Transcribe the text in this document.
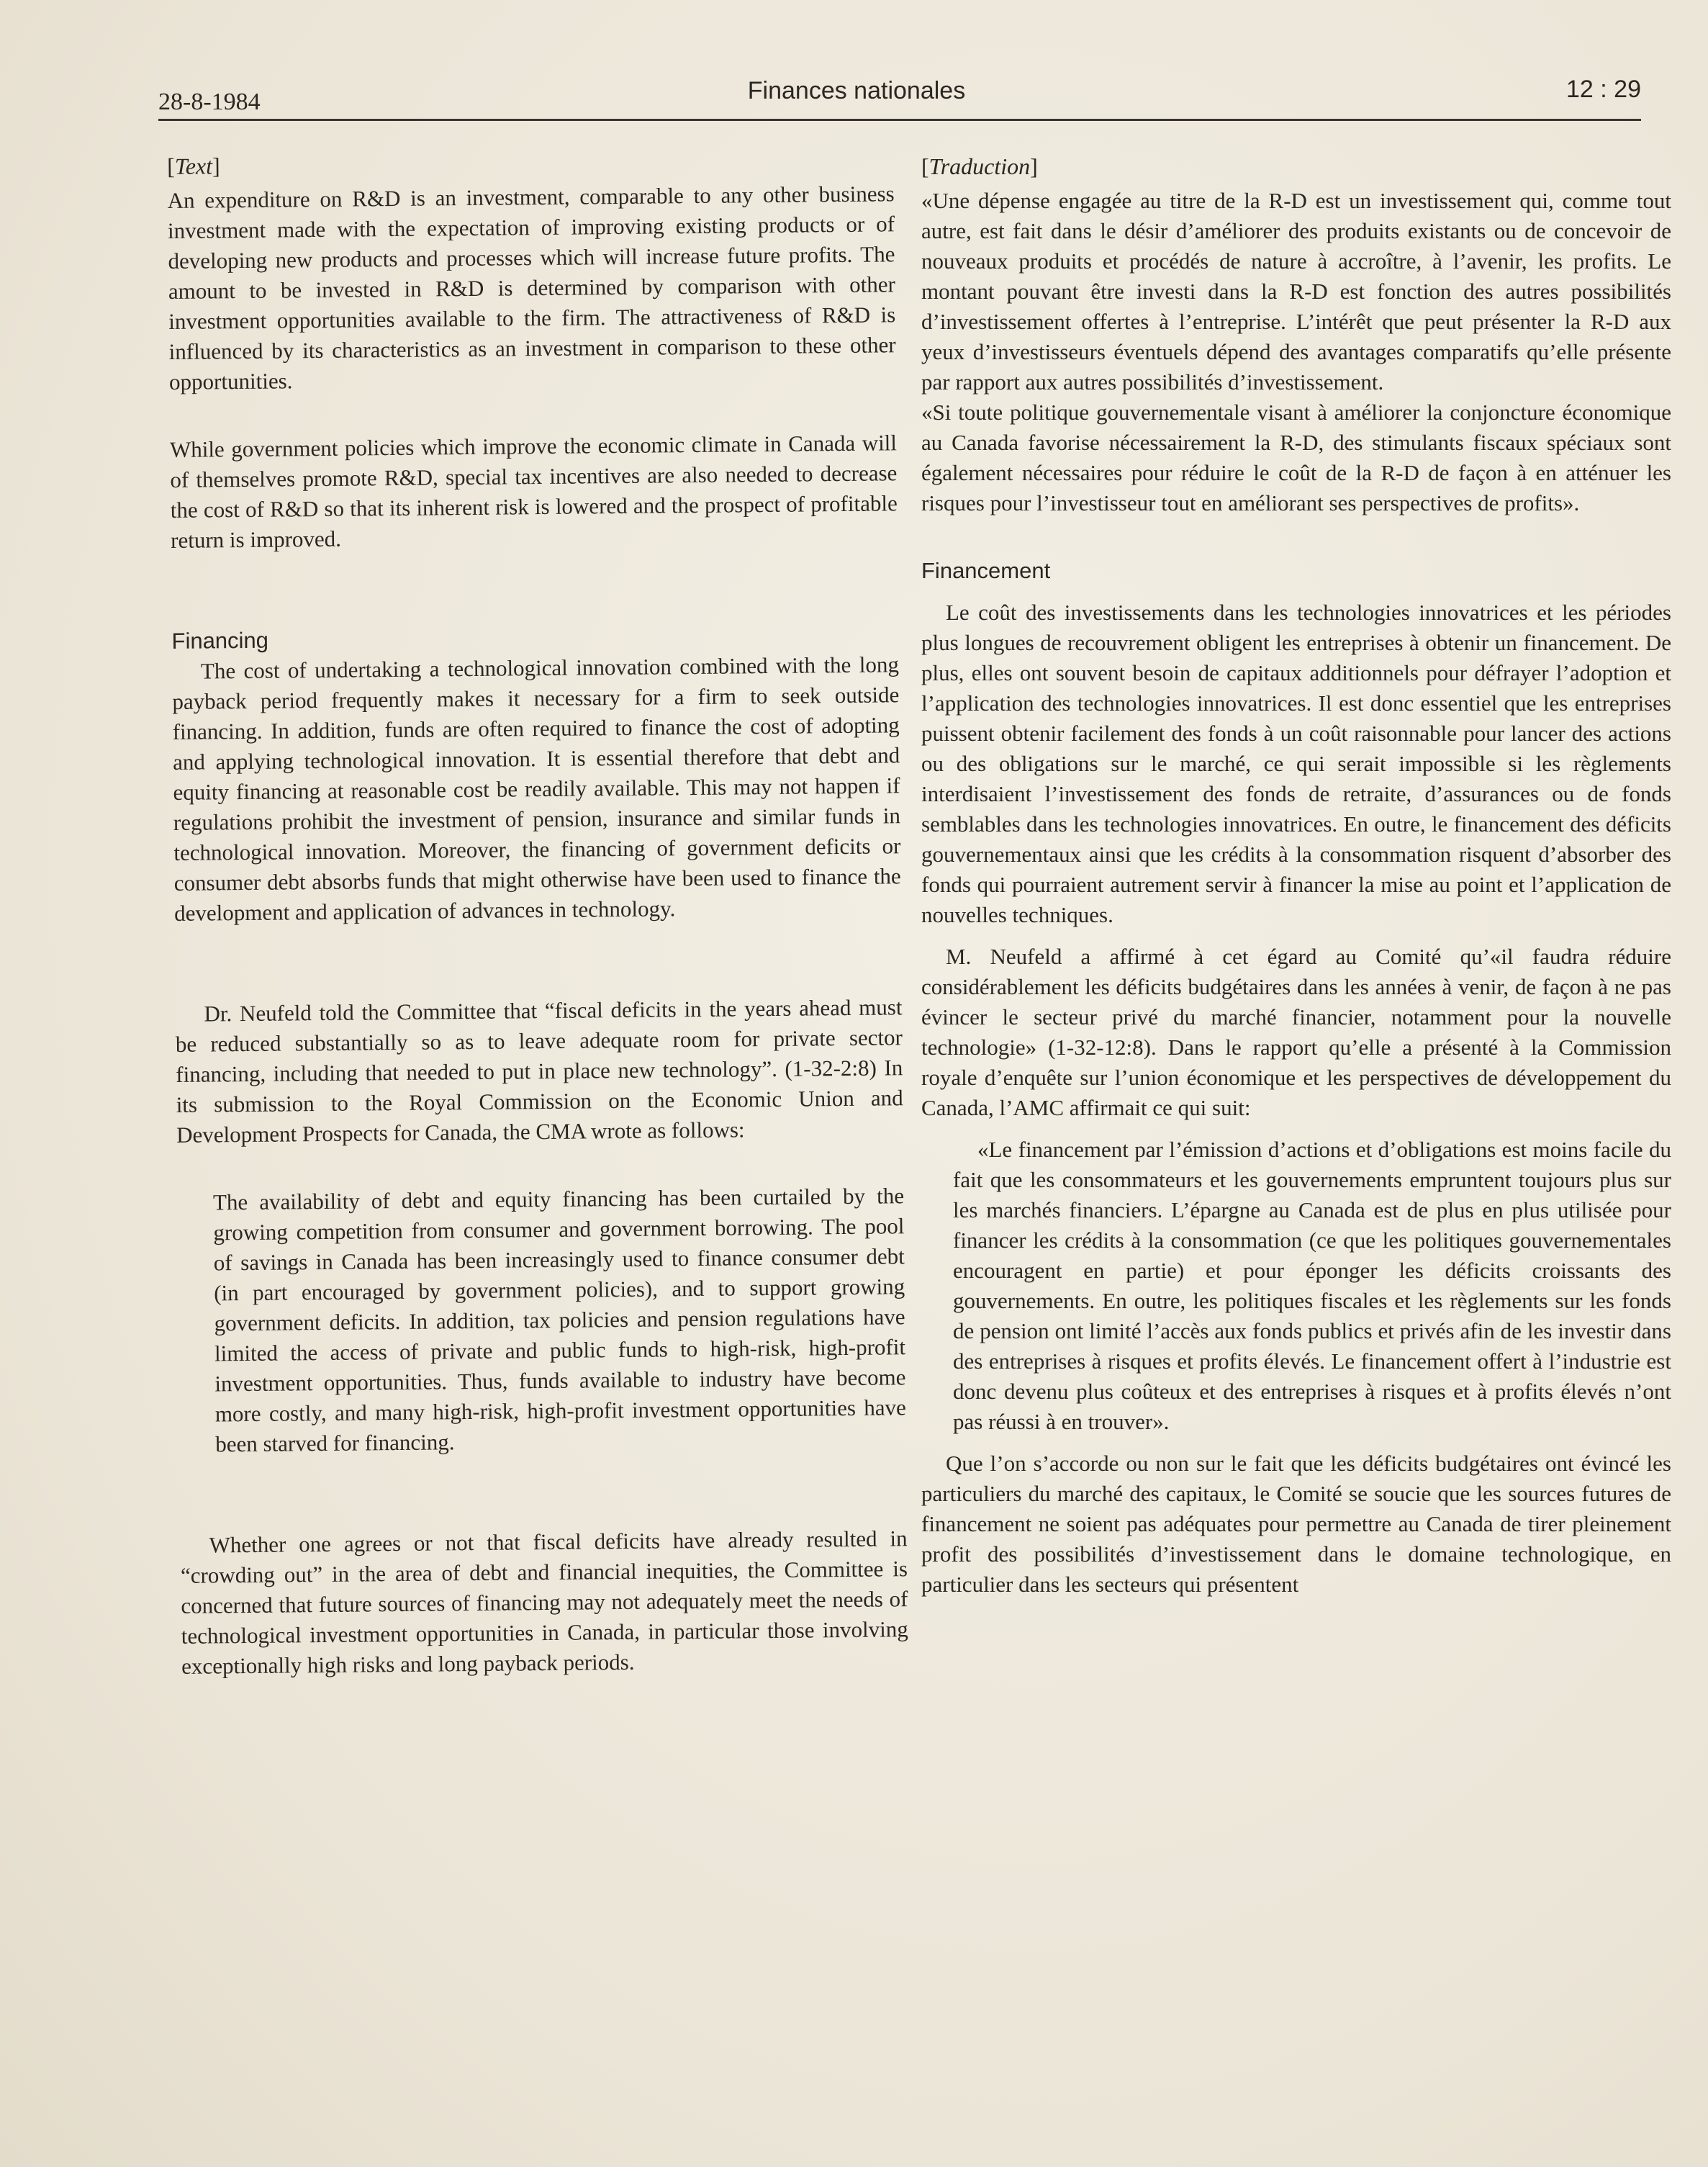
28-8-1984	Finances nationales	12 : 29
[Text]

An expenditure on R&D is an investment, comparable to any other business investment made with the expectation of improving existing products or of developing new products and processes which will increase future profits. The amount to be invested in R&D is determined by comparison with other investment opportunities available to the firm. The attractiveness of R&D is influenced by its characteristics as an investment in comparison to these other opportunities.

While government policies which improve the economic climate in Canada will of themselves promote R&D, special tax incentives are also needed to decrease the cost of R&D so that its inherent risk is lowered and the prospect of profitable return is improved.

Financing

The cost of undertaking a technological innovation combined with the long payback period frequently makes it necessary for a firm to seek outside financing. In addition, funds are often required to finance the cost of adopting and applying technological innovation. It is essential therefore that debt and equity financing at reasonable cost be readily available. This may not happen if regulations prohibit the investment of pension, insurance and similar funds in technological innovation. Moreover, the financing of government deficits or consumer debt absorbs funds that might otherwise have been used to finance the development and application of advances in technology.

Dr. Neufeld told the Committee that “fiscal deficits in the years ahead must be reduced substantially so as to leave adequate room for private sector financing, including that needed to put in place new technology”. (1-32-2:8) In its submission to the Royal Commission on the Economic Union and Development Prospects for Canada, the CMA wrote as follows:

The availability of debt and equity financing has been curtailed by the growing competition from consumer and government borrowing. The pool of savings in Canada has been increasingly used to finance consumer debt (in part encouraged by government policies), and to support growing government deficits. In addition, tax policies and pension regulations have limited the access of private and public funds to high-risk, high-profit investment opportunities. Thus, funds available to industry have become more costly, and many high-risk, high-profit investment opportunities have been starved for financing.

Whether one agrees or not that fiscal deficits have already resulted in “crowding out” in the area of debt and financial inequities, the Committee is concerned that future sources of financing may not adequately meet the needs of technological investment opportunities in Canada, in particular those involving exceptionally high risks and long payback periods.

[Traduction]

«Une dépense engagée au titre de la R-D est un investissement qui, comme tout autre, est fait dans le désir d’améliorer des produits existants ou de concevoir de nouveaux produits et procédés de nature à accroître, à l’avenir, les profits. Le montant pouvant être investi dans la R-D est fonction des autres possibilités d’investissement offertes à l’entreprise. L’intérêt que peut présenter la R-D aux yeux d’investisseurs éventuels dépend des avantages comparatifs qu’elle présente par rapport aux autres possibilités d’investissement.

«Si toute politique gouvernementale visant à améliorer la conjoncture économique au Canada favorise nécessairement la R-D, des stimulants fiscaux spéciaux sont également nécessaires pour réduire le coût de la R-D de façon à en atténuer les risques pour l’investisseur tout en améliorant ses perspectives de profits».

Financement

Le coût des investissements dans les technologies innovatrices et les périodes plus longues de recouvrement obligent les entreprises à obtenir un financement. De plus, elles ont souvent besoin de capitaux additionnels pour défrayer l’adoption et l’application des technologies innovatrices. Il est donc essentiel que les entreprises puissent obtenir facilement des fonds à un coût raisonnable pour lancer des actions ou des obligations sur le marché, ce qui serait impossible si les règlements interdisaient l’investissement des fonds de retraite, d’assurances ou de fonds semblables dans les technologies innovatrices. En outre, le financement des déficits gouvernementaux ainsi que les crédits à la consommation risquent d’absorber des fonds qui pourraient autrement servir à financer la mise au point et l’application de nouvelles techniques.

M. Neufeld a affirmé à cet égard au Comité qu’«il faudra réduire considérablement les déficits budgétaires dans les années à venir, de façon à ne pas évincer le secteur privé du marché financier, notamment pour la nouvelle technologie» (1-32-12:8). Dans le rapport qu’elle a présenté à la Commission royale d’enquête sur l’union économique et les perspectives de développement du Canada, l’AMC affirmait ce qui suit:

«Le financement par l’émission d’actions et d’obligations est moins facile du fait que les consommateurs et les gouvernements empruntent toujours plus sur les marchés financiers. L’épargne au Canada est de plus en plus utilisée pour financer les crédits à la consommation (ce que les politiques gouvernementales encouragent en partie) et pour éponger les déficits croissants des gouvernements. En outre, les politiques fiscales et les règlements sur les fonds de pension ont limité l’accès aux fonds publics et privés afin de les investir dans des entreprises à risques et profits élevés. Le financement offert à l’industrie est donc devenu plus coûteux et des entreprises à risques et à profits élevés n’ont pas réussi à en trouver».

Que l’on s’accorde ou non sur le fait que les déficits budgétaires ont évincé les particuliers du marché des capitaux, le Comité se soucie que les sources futures de financement ne soient pas adéquates pour permettre au Canada de tirer pleinement profit des possibilités d’investissement dans le domaine technologique, en particulier dans les secteurs qui présentent
